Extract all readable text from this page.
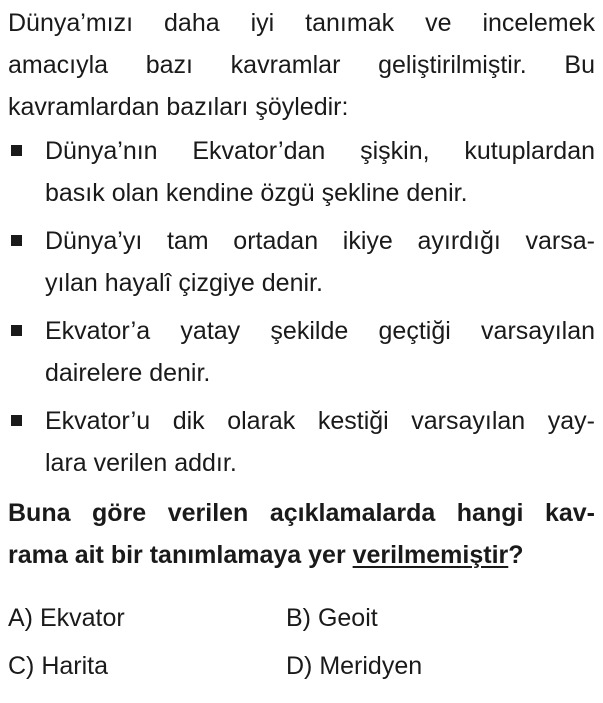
Dünya’mızı daha iyi tanımak ve incelemek
amacıyla bazı kavramlar geliştirilmiştir. Bu
kavramlardan bazıları şöyledir:
Dünya’nın Ekvator’dan şişkin, kutuplardan
basık olan kendine özgü şekline denir.
Dünya’yı tam ortadan ikiye ayırdığı varsa-
yılan hayalî çizgiye denir.
Ekvator’a yatay şekilde geçtiği varsayılan
dairelere denir.
Ekvator’u dik olarak kestiği varsayılan yay-
lara verilen addır.
Buna göre verilen açıklamalarda hangi kav-
rama ait bir tanımlamaya yer verilmemiştir?
A) Ekvator	B) Geoit
C) Harita	D) Meridyen
